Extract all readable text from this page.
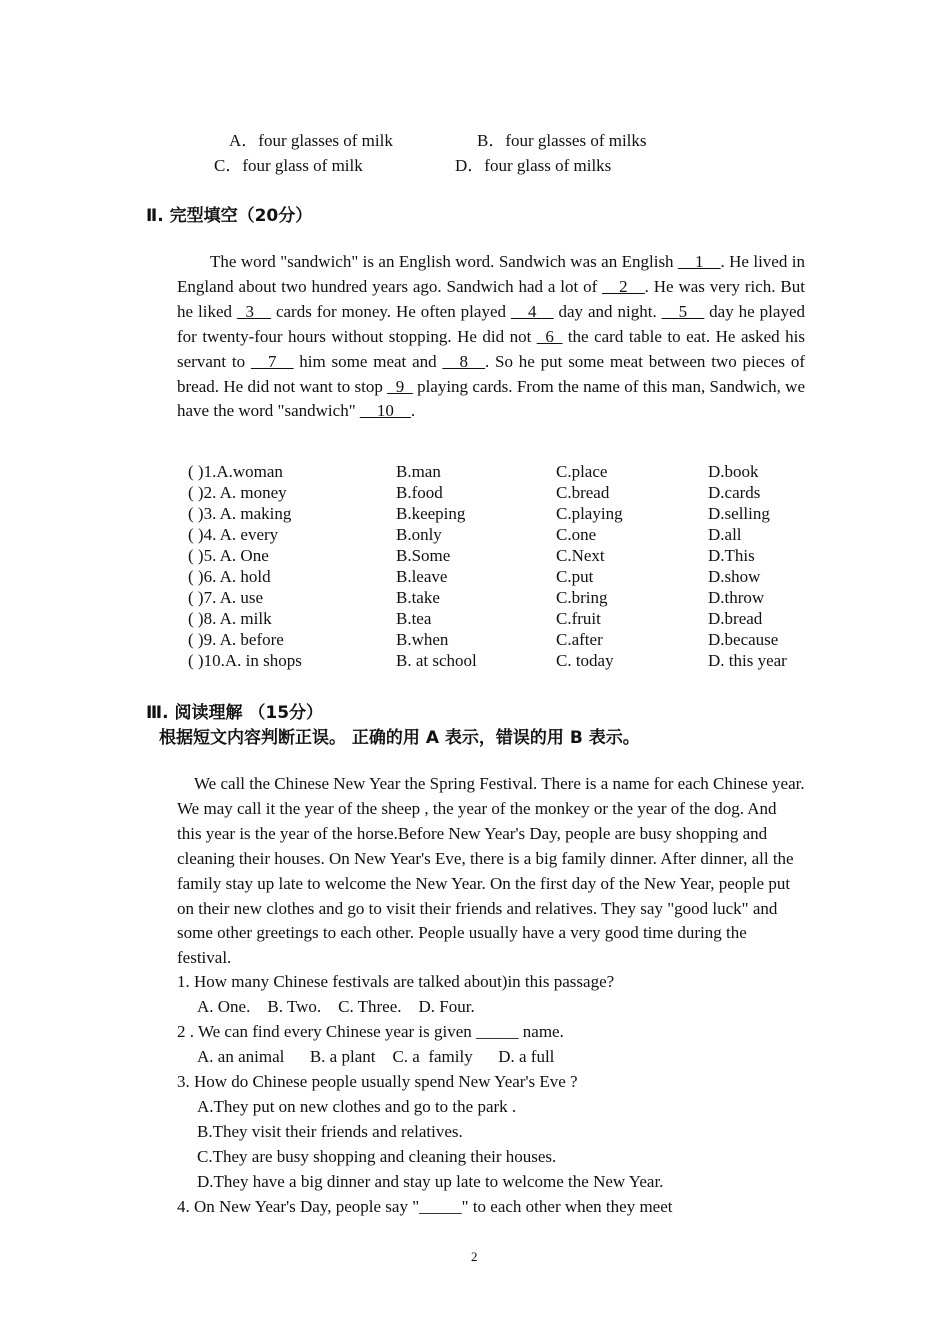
A．four glasses of milk	B．four glasses of milks
C．four glass of milk	D．four glass of milks
Ⅱ. 完型填空（20分）

The word "sandwich" is an English word. Sandwich was an English __1__. He lived in England about two hundred years ago. Sandwich had a lot of __2__. He was very rich. But he liked _3__ cards for money. He often played __4__ day and night. __5__ day he played for twenty-four hours without stopping. He did not _6_ the card table to eat. He asked his servant to __7__ him some meat and __8__. So he put some meat between two pieces of bread. He did not want to stop _9_ playing cards. From the name of this man, Sandwich, we have the word "sandwich" __10__.

( )1.A.woman	B.man	C.place	D.book
( )2. A. money	B.food	C.bread	D.cards
( )3. A. making	B.keeping	C.playing	D.selling
( )4. A. every	B.only	C.one	D.all
( )5. A. One	B.Some	C.Next	D.This
( )6. A. hold	B.leave	C.put	D.show
( )7. A. use	B.take	C.bring	D.throw
( )8. A. milk	B.tea	C.fruit	D.bread
( )9. A. before	B.when	C.after	D.because
( )10.A. in shops	B. at school	C. today	D. this year
Ⅲ. 阅读理解 （15分）
根据短文内容判断正误。 正确的用 A 表示，错误的用 B 表示。

We call the Chinese New Year the Spring Festival. There is a name for each Chinese year. We may call it the year of the sheep , the year of the monkey or the year of the dog. And this year is the year of the horse.Before New Year's Day, people are busy shopping and cleaning their houses. On New Year's Eve, there is a big family dinner. After dinner, all the family stay up late to welcome the New Year. On the first day of the New Year, people put on their new clothes and go to visit their friends and relatives. They say "good luck" and some other greetings to each other. People usually have a very good time during the festival.

1. How many Chinese festivals are talked about)in this passage?
A. One.    B. Two.    C. Three.    D. Four.
2 . We can find every Chinese year is given _____ name.
A. an animal      B. a plant    C. a  family      D. a full
3. How do Chinese people usually spend New Year's Eve ?
A.They put on new clothes and go to the park .
B.They visit their friends and relatives.
C.They are busy shopping and cleaning their houses.
D.They have a big dinner and stay up late to welcome the New Year.
4. On New Year's Day, people say "_____" to each other when they meet
2
